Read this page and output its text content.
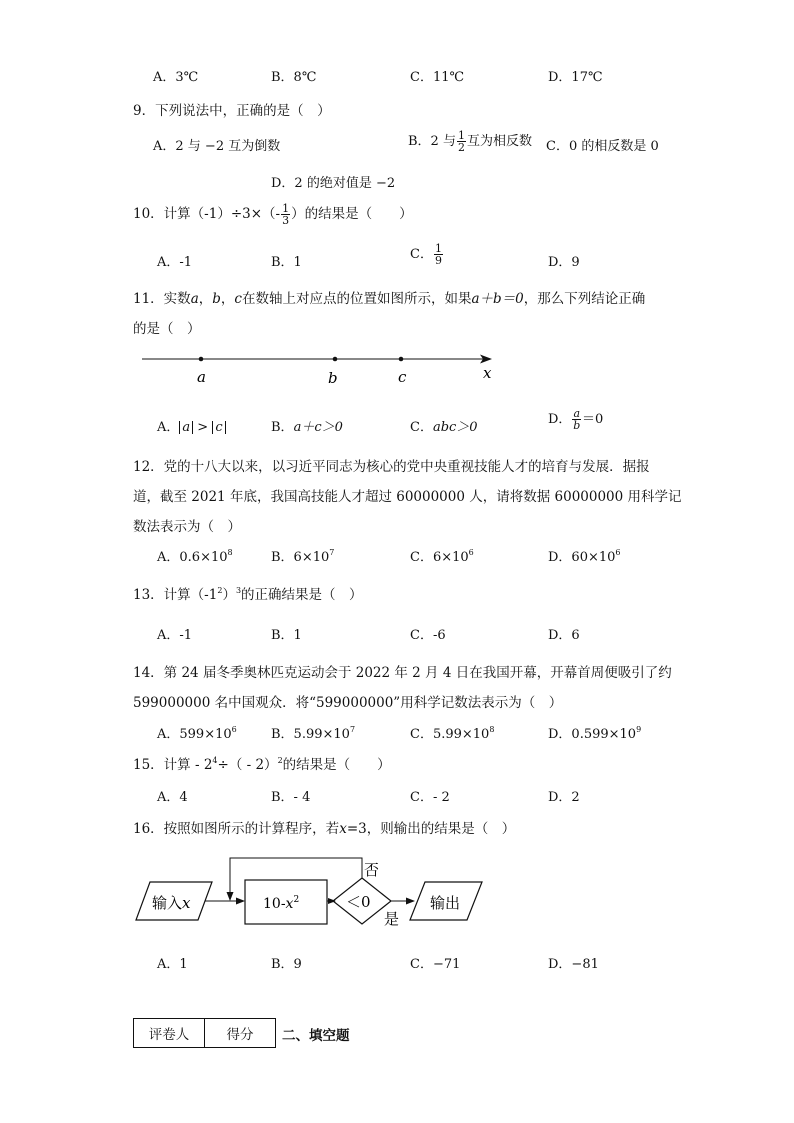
A．3℃	B．8℃	C．11℃	D．17℃
9．下列说法中，正确的是（　）
A．2 与 −2 互为倒数	B．2 与 $\frac{1}{2}$ 互为相反数 C．0 的相反数是 0
D．2 的绝对值是 −2
10．计算$(-1)\div 3\times(- \frac{1}{3}$ ）的结果是（　　）
A．-1	B．1
C． $\frac{1}{9}$	D．9
11．实数a，b，c在数轴上对应点的位置如图所示，如果a＋b＝0，那么下列结论正确
的是（　）
a	b	c	x
A． a > c	B．a＋c＞0	C．abc＞0
D． $\frac{a}{b} =0$
12．党的十八大以来，以习近平同志为核心的党中央重视技能人才的培育与发展．据报
道，截至 2021 年底，我国高技能人才超过 60000000 人，请将数据 60000000 用科学记
数法表示为（　）
A．$0.6\times 10^8$	B．$6\times 10^7$	C．$6\times 10^6$	D．$60\times 10^6$
13．计算$(-1^2)^3$的正确结果是（　）
A．-1	B．1	C．-6	D．6
14．第 24 届冬季奥林匹克运动会于 2022 年 2 月 4 日在我国开幕，开幕首周便吸引了约
599000000 名中国观众．将“599000000”用科学记数法表示为（　）
A．$599\times 10^6$	B．$5.99\times 10^7$	C．$5.99\times 10^8$	D．$0.599\times 10^9$
15．计算 - $2^4\div( - 2)^2$的结果是（　　）
A．4	B．- 4	C．- 2	D．2
16．按照如图所示的计算程序，若x=3，则输出的结果是（　）
输入x	$10-x^2$	＜0
否
是
输出
A．1	B．9	C．−71	D．−81
评卷人	得分 二、填空题
